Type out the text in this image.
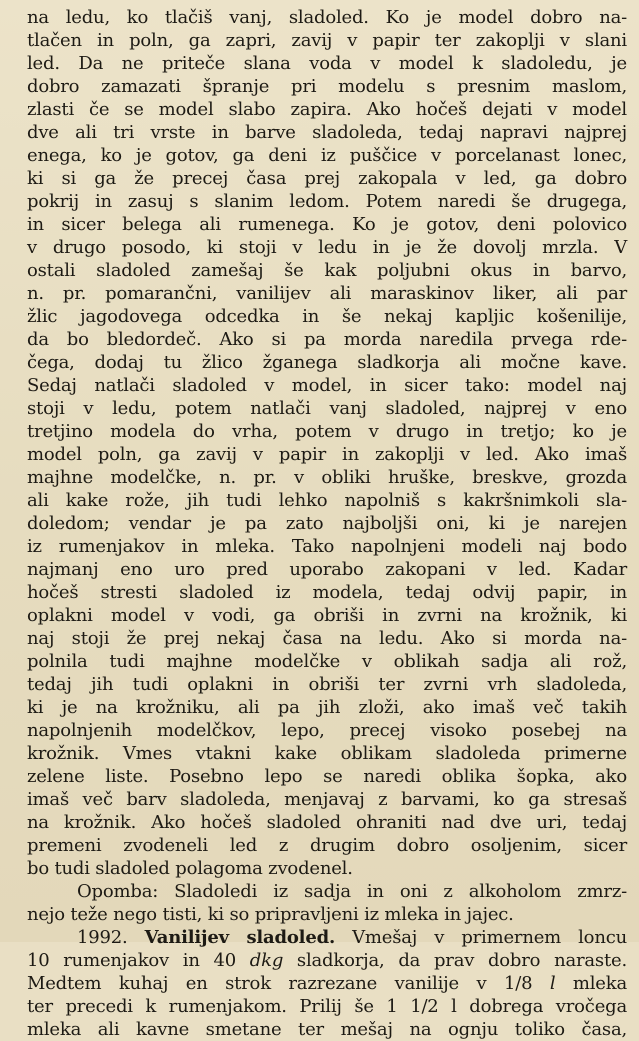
na ledu, ko tlačiš vanj, sladoled. Ko je model dobro na-
tlačen in poln, ga zapri, zavij v papir ter zakoplji v slani
led. Da ne priteče slana voda v model k sladoledu, je
dobro zamazati špranje pri modelu s presnim maslom,
zlasti če se model slabo zapira. Ako hočeš dejati v model
dve ali tri vrste in barve sladoleda, tedaj napravi najprej
enega, ko je gotov, ga deni iz puščice v porcelanast lonec,
ki si ga že precej časa prej zakopala v led, ga dobro
pokrij in zasuj s slanim ledom. Potem naredi še drugega,
in sicer belega ali rumenega. Ko je gotov, deni polovico
v drugo posodo, ki stoji v ledu in je že dovolj mrzla. V
ostali sladoled zamešaj še kak poljubni okus in barvo,
n. pr. pomarančni, vanilijev ali maraskinov liker, ali par
žlic jagodovega odcedka in še nekaj kapljic košenilije,
da bo bledordeč. Ako si pa morda naredila prvega rde-
čega, dodaj tu žlico žganega sladkorja ali močne kave.
Sedaj natlači sladoled v model, in sicer tako: model naj
stoji v ledu, potem natlači vanj sladoled, najprej v eno
tretjino modela do vrha, potem v drugo in tretjo; ko je
model poln, ga zavij v papir in zakoplji v led. Ako imaš
majhne modelčke, n. pr. v obliki hruške, breskve, grozda
ali kake rože, jih tudi lehko napolniš s kakršnimkoli sla-
doledom; vendar je pa zato najboljši oni, ki je narejen
iz rumenjakov in mleka. Tako napolnjeni modeli naj bodo
najmanj eno uro pred uporabo zakopani v led. Kadar
hočeš stresti sladoled iz modela, tedaj odvij papir, in
oplakni model v vodi, ga obriši in zvrni na krožnik, ki
naj stoji že prej nekaj časa na ledu. Ako si morda na-
polnila tudi majhne modelčke v oblikah sadja ali rož,
tedaj jih tudi oplakni in obriši ter zvrni vrh sladoleda,
ki je na krožniku, ali pa jih zloži, ako imaš več takih
napolnjenih modelčkov, lepo, precej visoko posebej na
krožnik. Vmes vtakni kake oblikam sladoleda primerne
zelene liste. Posebno lepo se naredi oblika šopka, ako
imaš več barv sladoleda, menjavaj z barvami, ko ga stresaš
na krožnik. Ako hočeš sladoled ohraniti nad dve uri, tedaj
premeni zvodeneli led z drugim dobro osoljenim, sicer
bo tudi sladoled polagoma zvodenel.
Opomba: Sladoledi iz sadja in oni z alkoholom zmrz-
nejo teže nego tisti, ki so pripravljeni iz mleka in jajec.
1992. Vanilijev sladoled. Vmešaj v primernem loncu
10 rumenjakov in 40 dkg sladkorja, da prav dobro naraste.
Medtem kuhaj en strok razrezane vanilije v 1/8 l mleka
ter precedi k rumenjakom. Prilij še 1 1/2 l dobrega vročega
mleka ali kavne smetane ter mešaj na ognju toliko časa,
